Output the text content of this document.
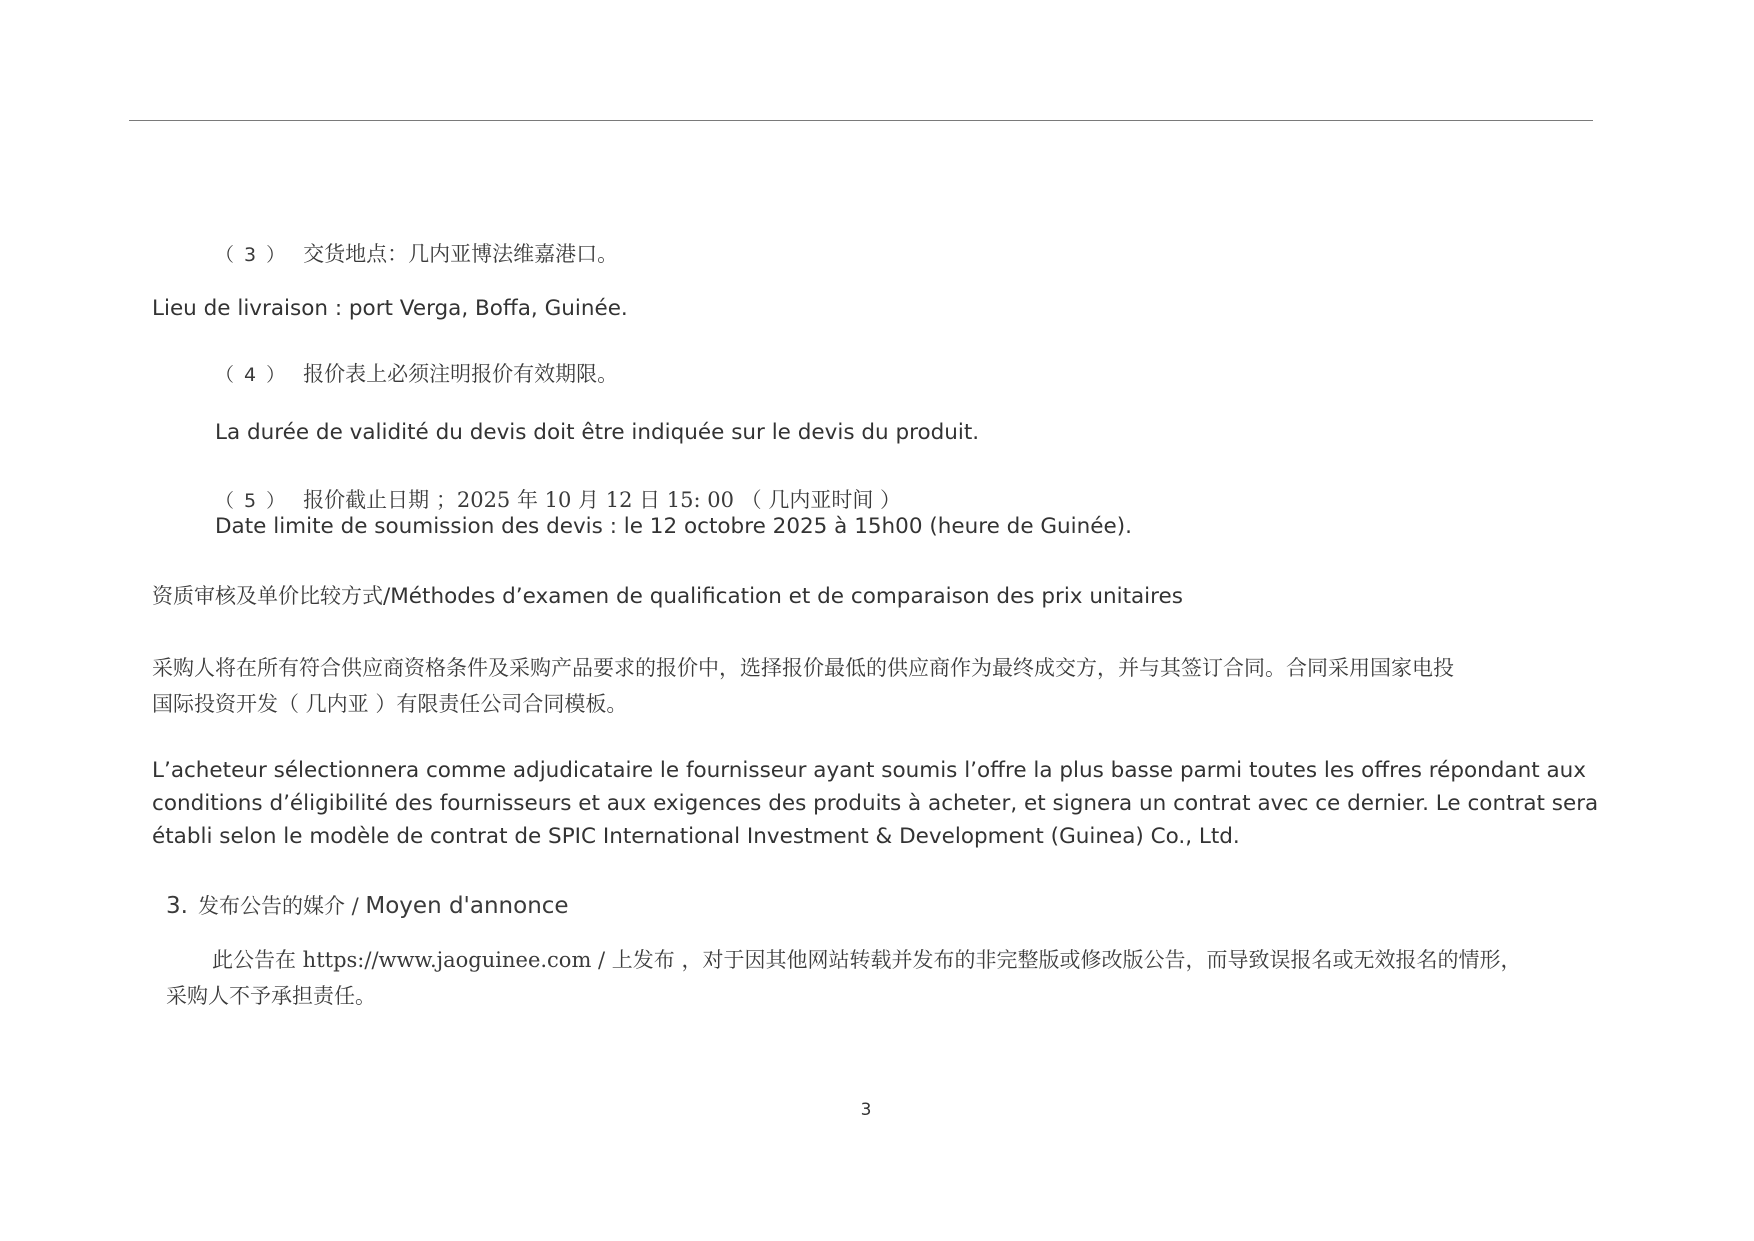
（ 3 ） 交货地点：几内亚博法维嘉港口。
Lieu de livraison : port Verga, Boffa, Guinée.
（ 4 ） 报价表上必须注明报价有效期限。
La durée de validité du devis doit être indiquée sur le devis du produit.
（ 5 ） 报价截止日期 ；2025 年 10 月 12 日 15: 00 （ 几内亚时间 ）
Date limite de soumission des devis : le 12 octobre 2025 à 15h00 (heure de Guinée).
资质审核及单价比较方式/Méthodes d’examen de qualification et de comparaison des prix unitaires
采购人将在所有符合供应商资格条件及采购产品要求的报价中，选择报价最低的供应商作为最终成交方，并与其签订合同。合同采用国家电投
国际投资开发（ 几内亚 ）有限责任公司合同模板。
L’acheteur sélectionnera comme adjudicataire le fournisseur ayant soumis l’offre la plus basse parmi toutes les offres répondant aux
conditions d’éligibilité des fournisseurs et aux exigences des produits à acheter, et signera un contrat avec ce dernier. Le contrat sera
établi selon le modèle de contrat de SPIC International Investment & Development (Guinea) Co., Ltd.
3. 发布公告的媒介 / Moyen d'annonce
此公告在 https://www.jaoguinee.com / 上发布 ，对于因其他网站转载并发布的非完整版或修改版公告，而导致误报名或无效报名的情形，
采购人不予承担责任。
3
